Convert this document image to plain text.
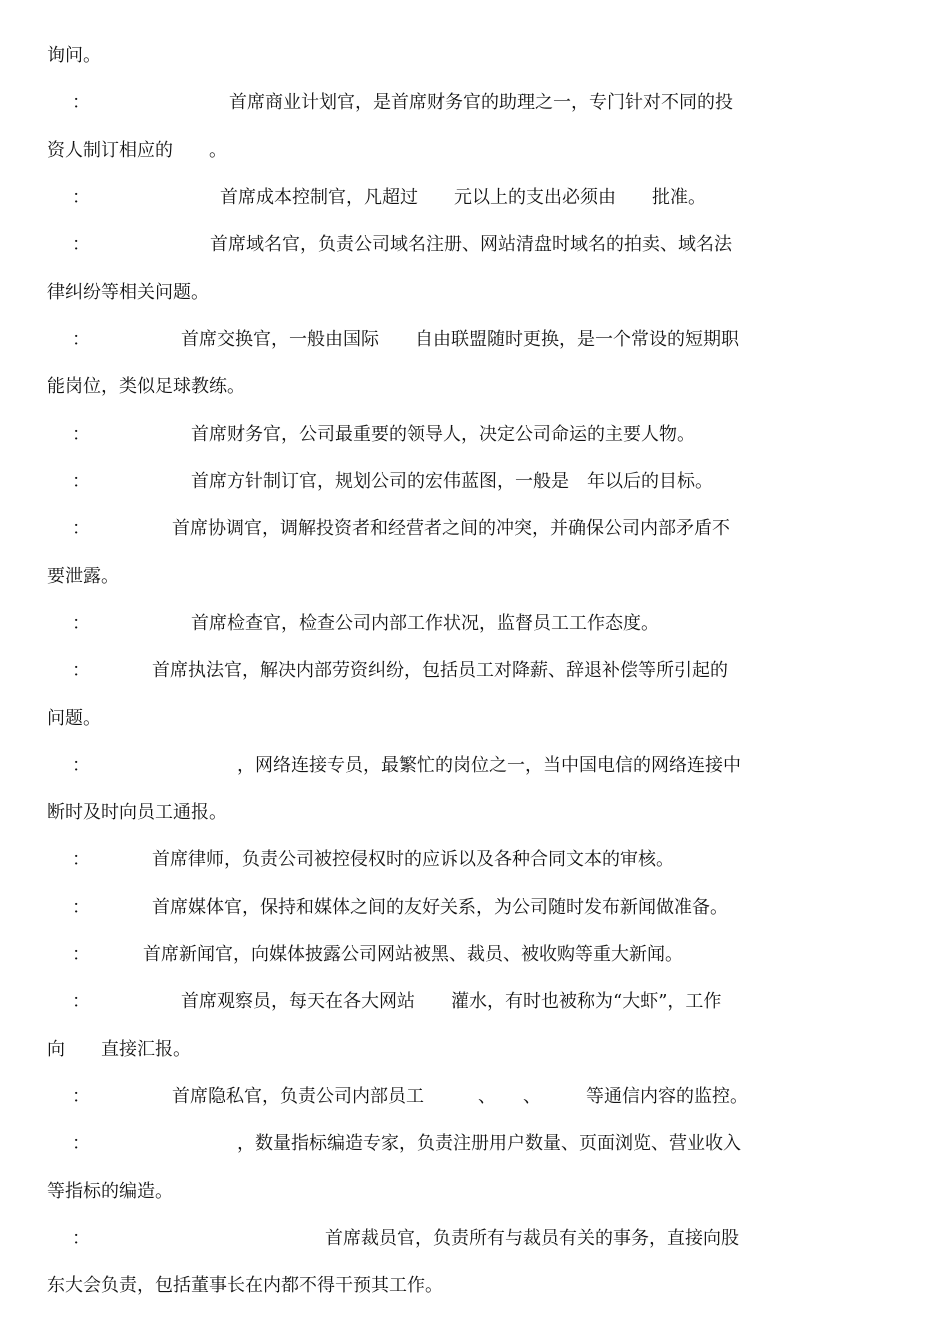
询问。
：	首席商业计划官，是首席财务官的助理之一，专门针对不同的投
资人制订相应的　　。
：	首席成本控制官，凡超过　　元以上的支出必须由　　批准。
：	首席域名官，负责公司域名注册、网站清盘时域名的拍卖、域名法
律纠纷等相关问题。
：	首席交换官，一般由国际　　自由联盟随时更换，是一个常设的短期职
能岗位，类似足球教练。
：	首席财务官，公司最重要的领导人，决定公司命运的主要人物。
：	首席方针制订官，规划公司的宏伟蓝图，一般是　年以后的目标。
：	首席协调官，调解投资者和经营者之间的冲突，并确保公司内部矛盾不
要泄露。
：	首席检查官，检查公司内部工作状况，监督员工工作态度。
：	首席执法官，解决内部劳资纠纷，包括员工对降薪、辞退补偿等所引起的
问题。
：	，网络连接专员，最繁忙的岗位之一，当中国电信的网络连接中
断时及时向员工通报。
：	首席律师，负责公司被控侵权时的应诉以及各种合同文本的审核。
：	首席媒体官，保持和媒体之间的友好关系，为公司随时发布新闻做准备。
：	首席新闻官，向媒体披露公司网站被黑、裁员、被收购等重大新闻。
：	首席观察员，每天在各大网站　　灌水，有时也被称为“大虾”，工作
向　　直接汇报。
：	首席隐私官，负责公司内部员工　　　、　　、　　　等通信内容的监控。
：	，数量指标编造专家，负责注册用户数量、页面浏览、营业收入
等指标的编造。
：	首席裁员官，负责所有与裁员有关的事务，直接向股
东大会负责，包括董事长在内都不得干预其工作。
